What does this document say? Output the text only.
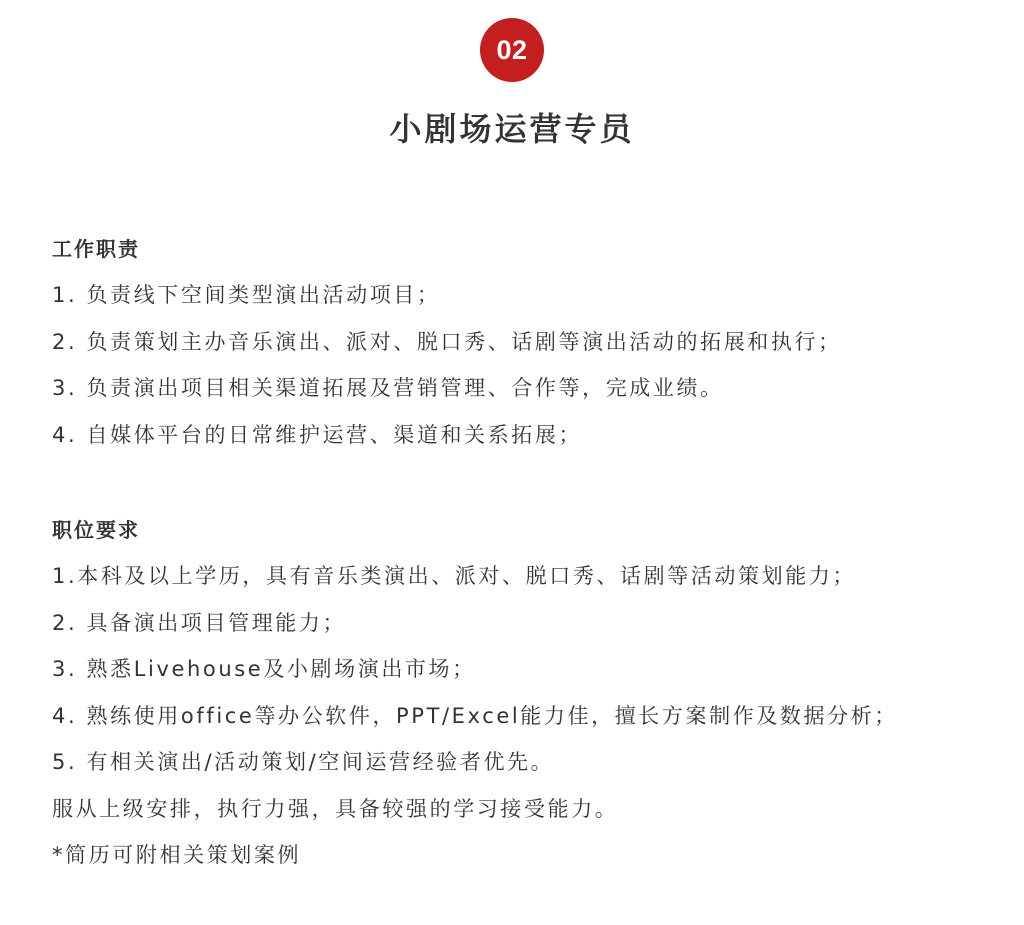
02
小剧场运营专员
工作职责
1. 负责线下空间类型演出活动项目；
2. 负责策划主办音乐演出、派对、脱口秀、话剧等演出活动的拓展和执行；
3. 负责演出项目相关渠道拓展及营销管理、合作等，完成业绩。
4. 自媒体平台的日常维护运营、渠道和关系拓展；
职位要求
1.本科及以上学历，具有音乐类演出、派对、脱口秀、话剧等活动策划能力；
2. 具备演出项目管理能力；
3. 熟悉Livehouse及小剧场演出市场；
4. 熟练使用office等办公软件，PPT/Excel能力佳，擅长方案制作及数据分析；
5. 有相关演出/活动策划/空间运营经验者优先。
服从上级安排，执行力强，具备较强的学习接受能力。
*简历可附相关策划案例
